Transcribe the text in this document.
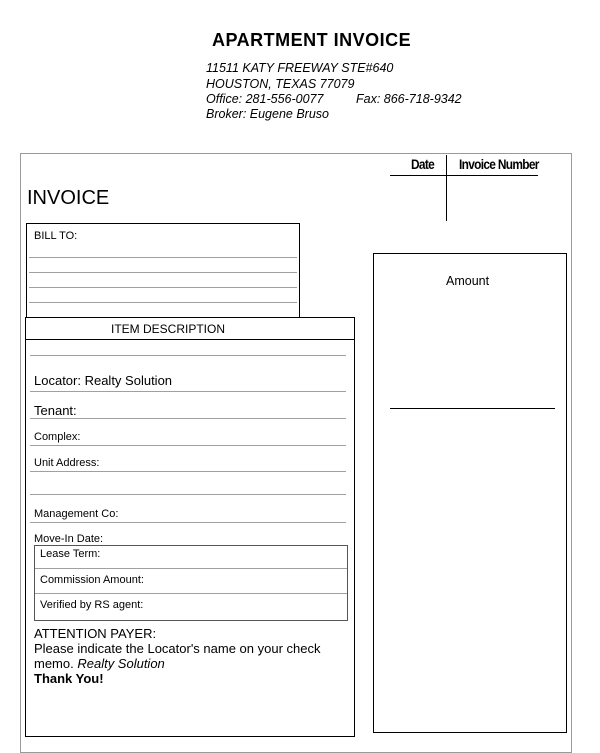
APARTMENT INVOICE
11511 KATY FREEWAY STE#640
HOUSTON, TEXAS 77079
Office: 281-556-0077	Fax: 866-718-9342
Broker: Eugene Bruso
Date Invoice Number
INVOICE
BILL TO:
Amount
ITEM DESCRIPTION
Locator: Realty Solution
Tenant:
Complex:
Unit Address:
Management Co:
Move-In Date:
Lease Term:
Commission Amount:
Verified by RS agent:
ATTENTION PAYER:
Please indicate the Locator's name on your check
memo. Realty Solution
Thank You!
